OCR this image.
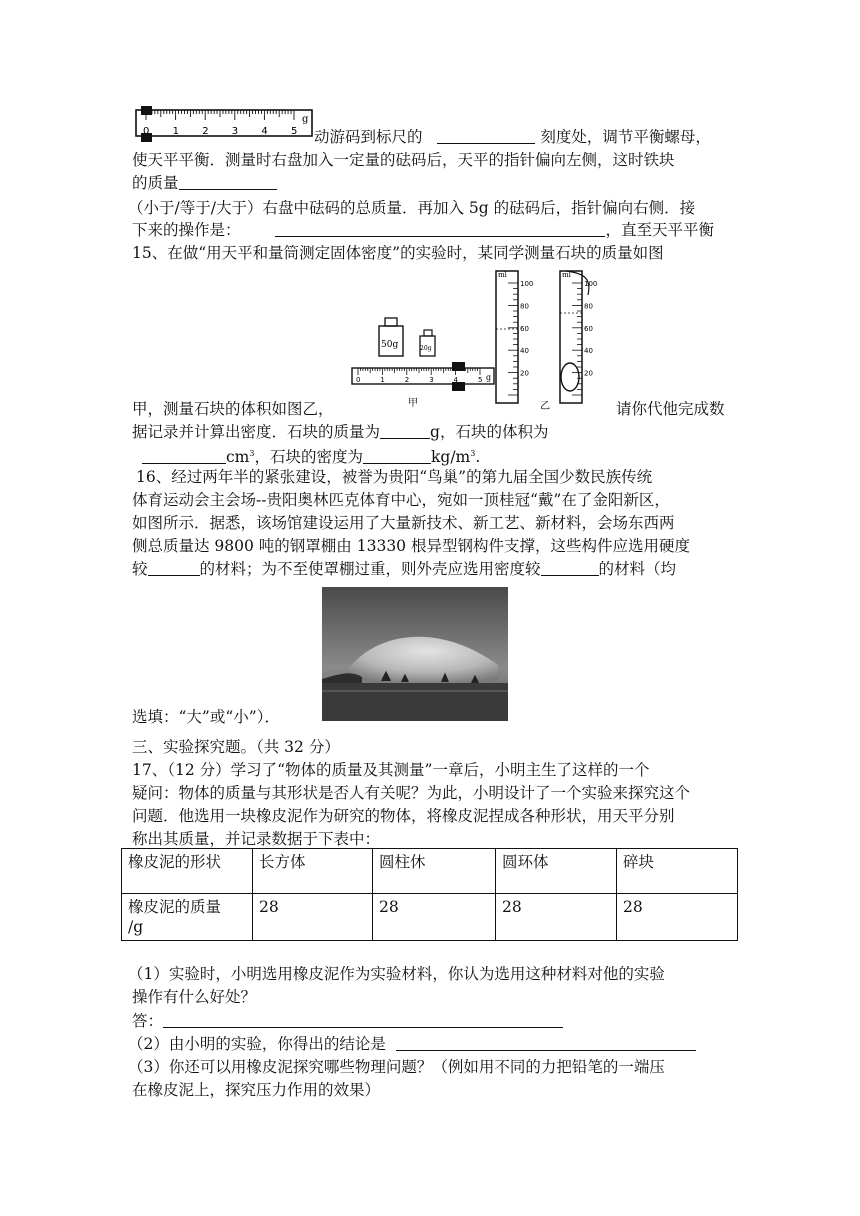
g
0 1 2 3 4 5 动游码到标尺的	刻度处，调节平衡螺母，
使天平平衡．测量时右盘加入一定量的砝码后，天平的指针偏向左侧，这时铁块
的质量
（小于/等于/大于）右盘中砝码的总质量．再加入 5g 的砝码后，指针偏向右侧．接
下来的操作是：	，直至天平平衡
15、在做“用天平和量筒测定固体密度”的实验时，某同学测量石块的质量如图
50g	20g
g
甲
0	1	2	3	4	5
ml	ml
乙
100
80
60
40
20
100
80
60
40
20
甲，测量石块的体积如图乙，	请你代他完成数
据记录并计算出密度．石块的质量为	g，石块的体积为
$cm^3$，石块的密度为	$kg/m^3$.
16、经过两年半的紧张建设，被誉为贵阳“鸟巢”的第九届全国少数民族传统
体育运动会主会场--贵阳奥林匹克体育中心，宛如一顶桂冠“戴”在了金阳新区，
如图所示．据悉，该场馆建设运用了大量新技术、新工艺、新材料，会场东西两
侧总质量达 9800 吨的钢罩棚由 13330 根异型钢构件支撑，这些构件应选用硬度
较	的材料；为不至使罩棚过重，则外壳应选用密度较	的材料（均
选填：“大”或“小”）．
三、实验探究题。（共 32 分）
17、（12 分）学习了“物体的质量及其测量”一章后，小明主生了这样的一个
疑问：物体的质量与其形状是否人有关呢？为此，小明设计了一个实验来探究这个
问题．他选用一块橡皮泥作为研究的物体，将橡皮泥捏成各种形状，用天平分别
称出其质量，并记录数据于下表中：
橡皮泥的形状	长方体	圆柱休	圆环体	碎块
橡皮泥的质量
/g	28	28	28	28
（1）实验时，小明选用橡皮泥作为实验材料，你认为选用这种材料对他的实验
操作有什么好处？
答：
（2）由小明的实验，你得出的结论是
（3）你还可以用橡皮泥探究哪些物理问题？（例如用不同的力把铅笔的一端压
在橡皮泥上，探究压力作用的效果）
